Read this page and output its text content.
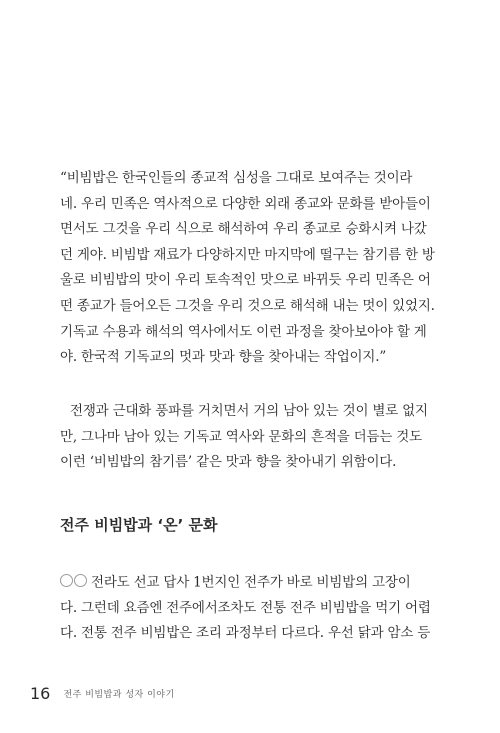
“비빔밥은 한국인들의 종교적 심성을 그대로 보여주는 것이라
네. 우리 민족은 역사적으로 다양한 외래 종교와 문화를 받아들이
면서도 그것을 우리 식으로 해석하여 우리 종교로 승화시켜 나갔
던 게야. 비빔밥 재료가 다양하지만 마지막에 떨구는 참기름 한 방
울로 비빔밥의 맛이 우리 토속적인 맛으로 바뀌듯 우리 민족은 어
떤 종교가 들어오든 그것을 우리 것으로 해석해 내는 멋이 있었지.
기독교 수용과 해석의 역사에서도 이런 과정을 찾아보아야 할 게
야. 한국적 기독교의 멋과 맛과 향을 찾아내는 작업이지.”
전쟁과 근대화 풍파를 거치면서 거의 남아 있는 것이 별로 없지
만, 그나마 남아 있는 기독교 역사와 문화의 흔적을 더듬는 것도
이런 ‘비빔밥의 참기름’ 같은 맛과 향을 찾아내기 위함이다.
전주 비빔밥과 ‘온’ 문화
전라도 선교 답사 1번지인 전주가 바로 비빔밥의 고장이
다. 그런데 요즘엔 전주에서조차도 전통 전주 비빔밥을 먹기 어렵
다. 전통 전주 비빔밥은 조리 과정부터 다르다. 우선 닭과 암소 등
16 전주 비빔밥과 성자 이야기
